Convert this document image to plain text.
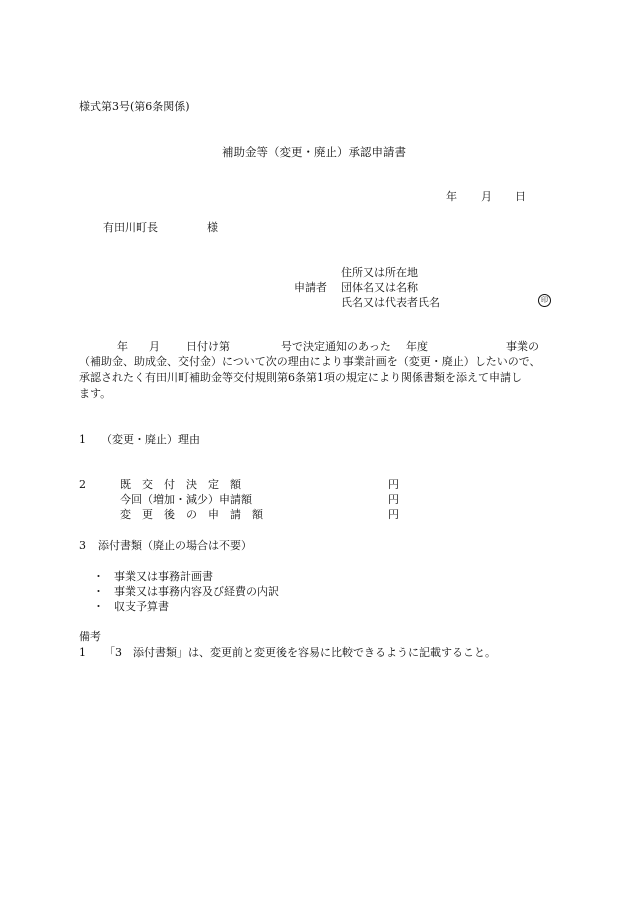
様式第3号(第6条関係)
補助金等（変更・廃止）承認申請書
年 月 日
有田川町長	様
住所又は所在地
申請者 団体名又は名称
氏名又は代表者氏名	印
年 月 日付け第	号で決定通知のあった 年度	事業の
（補助金、助成金、交付金）について次の理由により事業計画を（変更・廃止）したいので、
承認されたく有田川町補助金等交付規則第6条第1項の規定により関係書類を添えて申請し
ます。
1 （変更・廃止）理由
2	既　交　付　決　定　額	円
今回（増加・減少）申請額	円
変　更　後　の　申　請　額	円
3 添付書類（廃止の場合は不要）
・ 事業又は事務計画書
・ 事業又は事務内容及び経費の内訳
・ 収支予算書
備考
1 「3　添付書類」は、変更前と変更後を容易に比較できるように記載すること。
